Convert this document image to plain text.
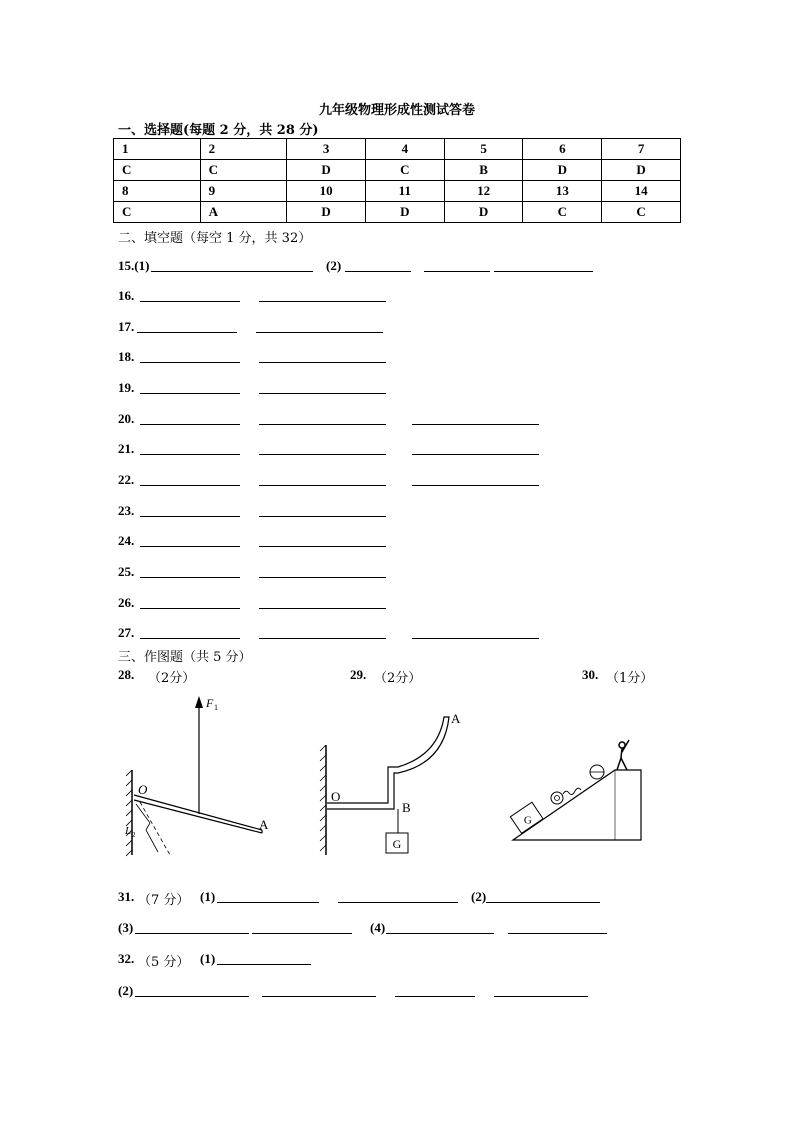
九年级物理形成性测试答卷
一、选择题(每题 2 分，共 28 分)
1	2	3	4	5	6	7
C	C	D	C	B	D	D
8	9	10	11	12	13	14
C	A	D	D	D	C	C
二、填空题（每空 1 分，共 32）
15.(1)	(2)
16.
17.
18.
19.
20.
21.
22.
23.
24.
25.
26.
27.
三、作图题（共 5 分）
28. （2分）	29. （2分）	30. （1分）
F 1
O
A
L 2
O
B
A
G
G
31. （7 分） (1)	(2)
(3)	(4)
32. （5 分） (1)
(2)
